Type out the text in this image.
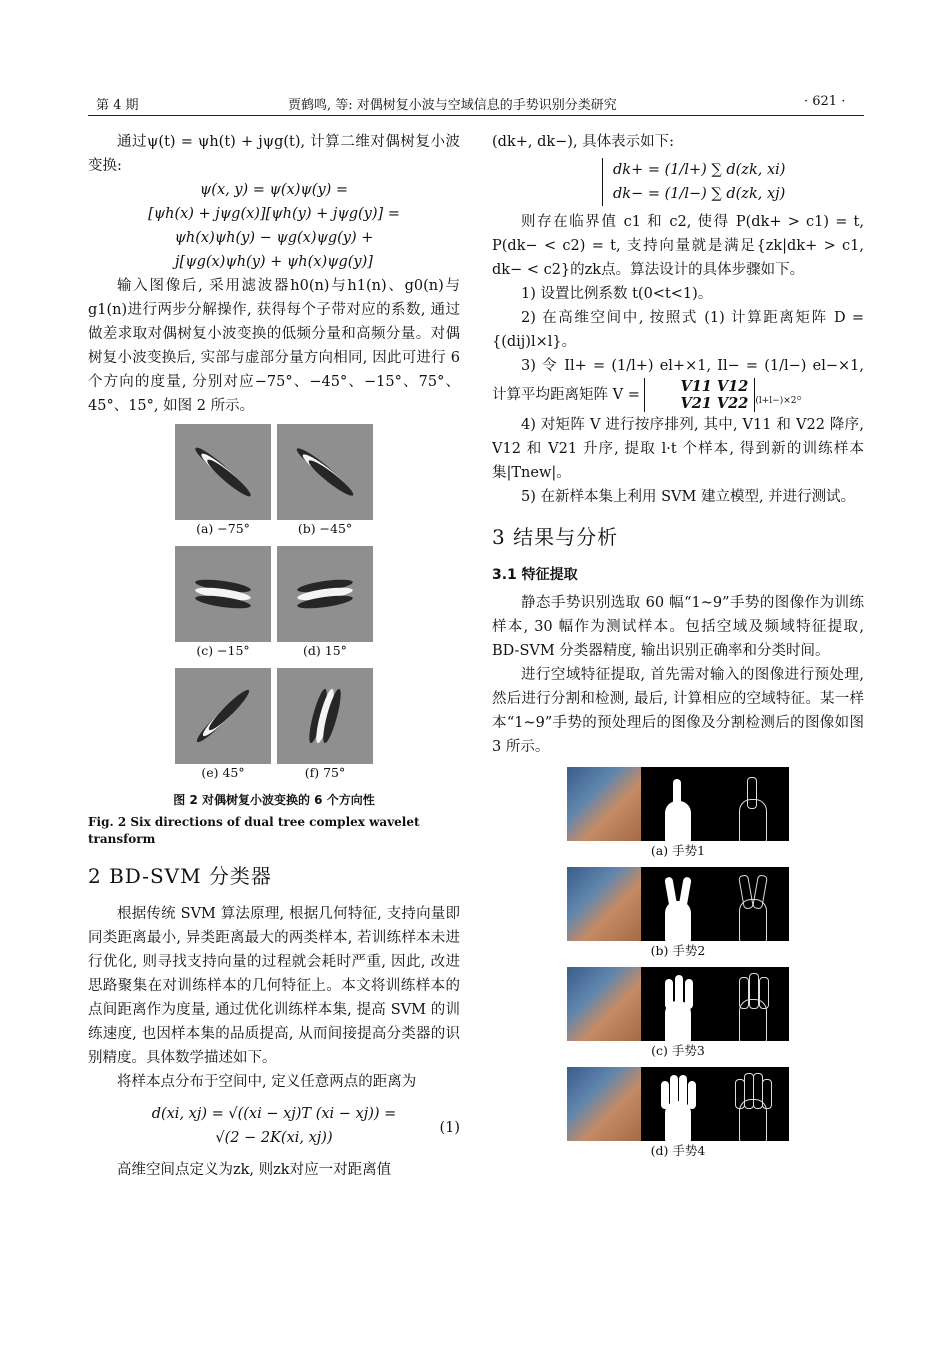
第 4 期	贾鹤鸣, 等: 对偶树复小波与空域信息的手势识别分类研究	· 621 ·

通过ψ(t) = ψh(t) + jψg(t), 计算二维对偶树复小波变换:

ψ(x, y) = ψ(x)ψ(y) =
[ψh(x) + jψg(x)][ψh(y) + jψg(y)] =
ψh(x)ψh(y) − ψg(x)ψg(y) +
j[ψg(x)ψh(y) + ψh(x)ψg(y)]

输入图像后, 采用滤波器h0(n)与h1(n)、g0(n)与g1(n)进行两步分解操作, 获得每个子带对应的系数, 通过做差求取对偶树复小波变换的低频分量和高频分量。对偶树复小波变换后, 实部与虚部分量方向相同, 因此可进行 6 个方向的度量, 分别对应−75°、−45°、−15°、75°、45°、15°, 如图 2 所示。

(a) −75°	(b) −45°
(c) −15°	(d) 15°
(e) 45°	(f) 75°
图 2 对偶树复小波变换的 6 个方向性
Fig. 2 Six directions of dual tree complex wavelet transform
2 BD-SVM 分类器

根据传统 SVM 算法原理, 根据几何特征, 支持向量即同类距离最小, 异类距离最大的两类样本, 若训练样本未进行优化, 则寻找支持向量的过程就会耗时严重, 因此, 改进思路聚集在对训练样本的几何特征上。本文将训练样本的点间距离作为度量, 通过优化训练样本集, 提高 SVM 的训练速度, 也因样本集的品质提高, 从而间接提高分类器的识别精度。具体数学描述如下。

将样本点分布于空间中, 定义任意两点的距离为

d(xi, xj) = √((xi − xj)T (xi − xj)) =
√(2 − 2K(xi, xj))
(1)

高维空间点定义为zk, 则zk对应一对距离值

(dk+, dk−), 具体表示如下:

dk+ = (1/l+) ∑ d(zk, xi)
dk− = (1/l−) ∑ d(zk, xj)

则存在临界值 c1 和 c2, 使得 P(dk+ > c1) = t, P(dk− < c2) = t, 支持向量就是满足{zk|dk+ > c1, dk− < c2}的zk点。算法设计的具体步骤如下。

1) 设置比例系数 t(0<t<1)。

2) 在高维空间中, 按照式 (1) 计算距离矩阵 D = {(dij)l×l}。

3) 令 Il+ = (1/l+) el+×1, Il− = (1/l−) el−×1, 计算平均距离矩阵 V =	V11 V12
V21 V22 $_{(l+l-)\times 2}$。

4) 对矩阵 V 进行按序排列, 其中, V11 和 V22 降序, V12 和 V21 升序, 提取 l·t 个样本, 得到新的训练样本集|Tnew|。

5) 在新样本集上利用 SVM 建立模型, 并进行测试。

3 结果与分析
3.1 特征提取

静态手势识别选取 60 幅“1~9”手势的图像作为训练样本, 30 幅作为测试样本。包括空域及频域特征提取, BD-SVM 分类器精度, 输出识别正确率和分类时间。

进行空域特征提取, 首先需对输入的图像进行预处理, 然后进行分割和检测, 最后, 计算相应的空域特征。某一样本“1~9”手势的预处理后的图像及分割检测后的图像如图 3 所示。

(a) 手势1
(b) 手势2
(c) 手势3
(d) 手势4
